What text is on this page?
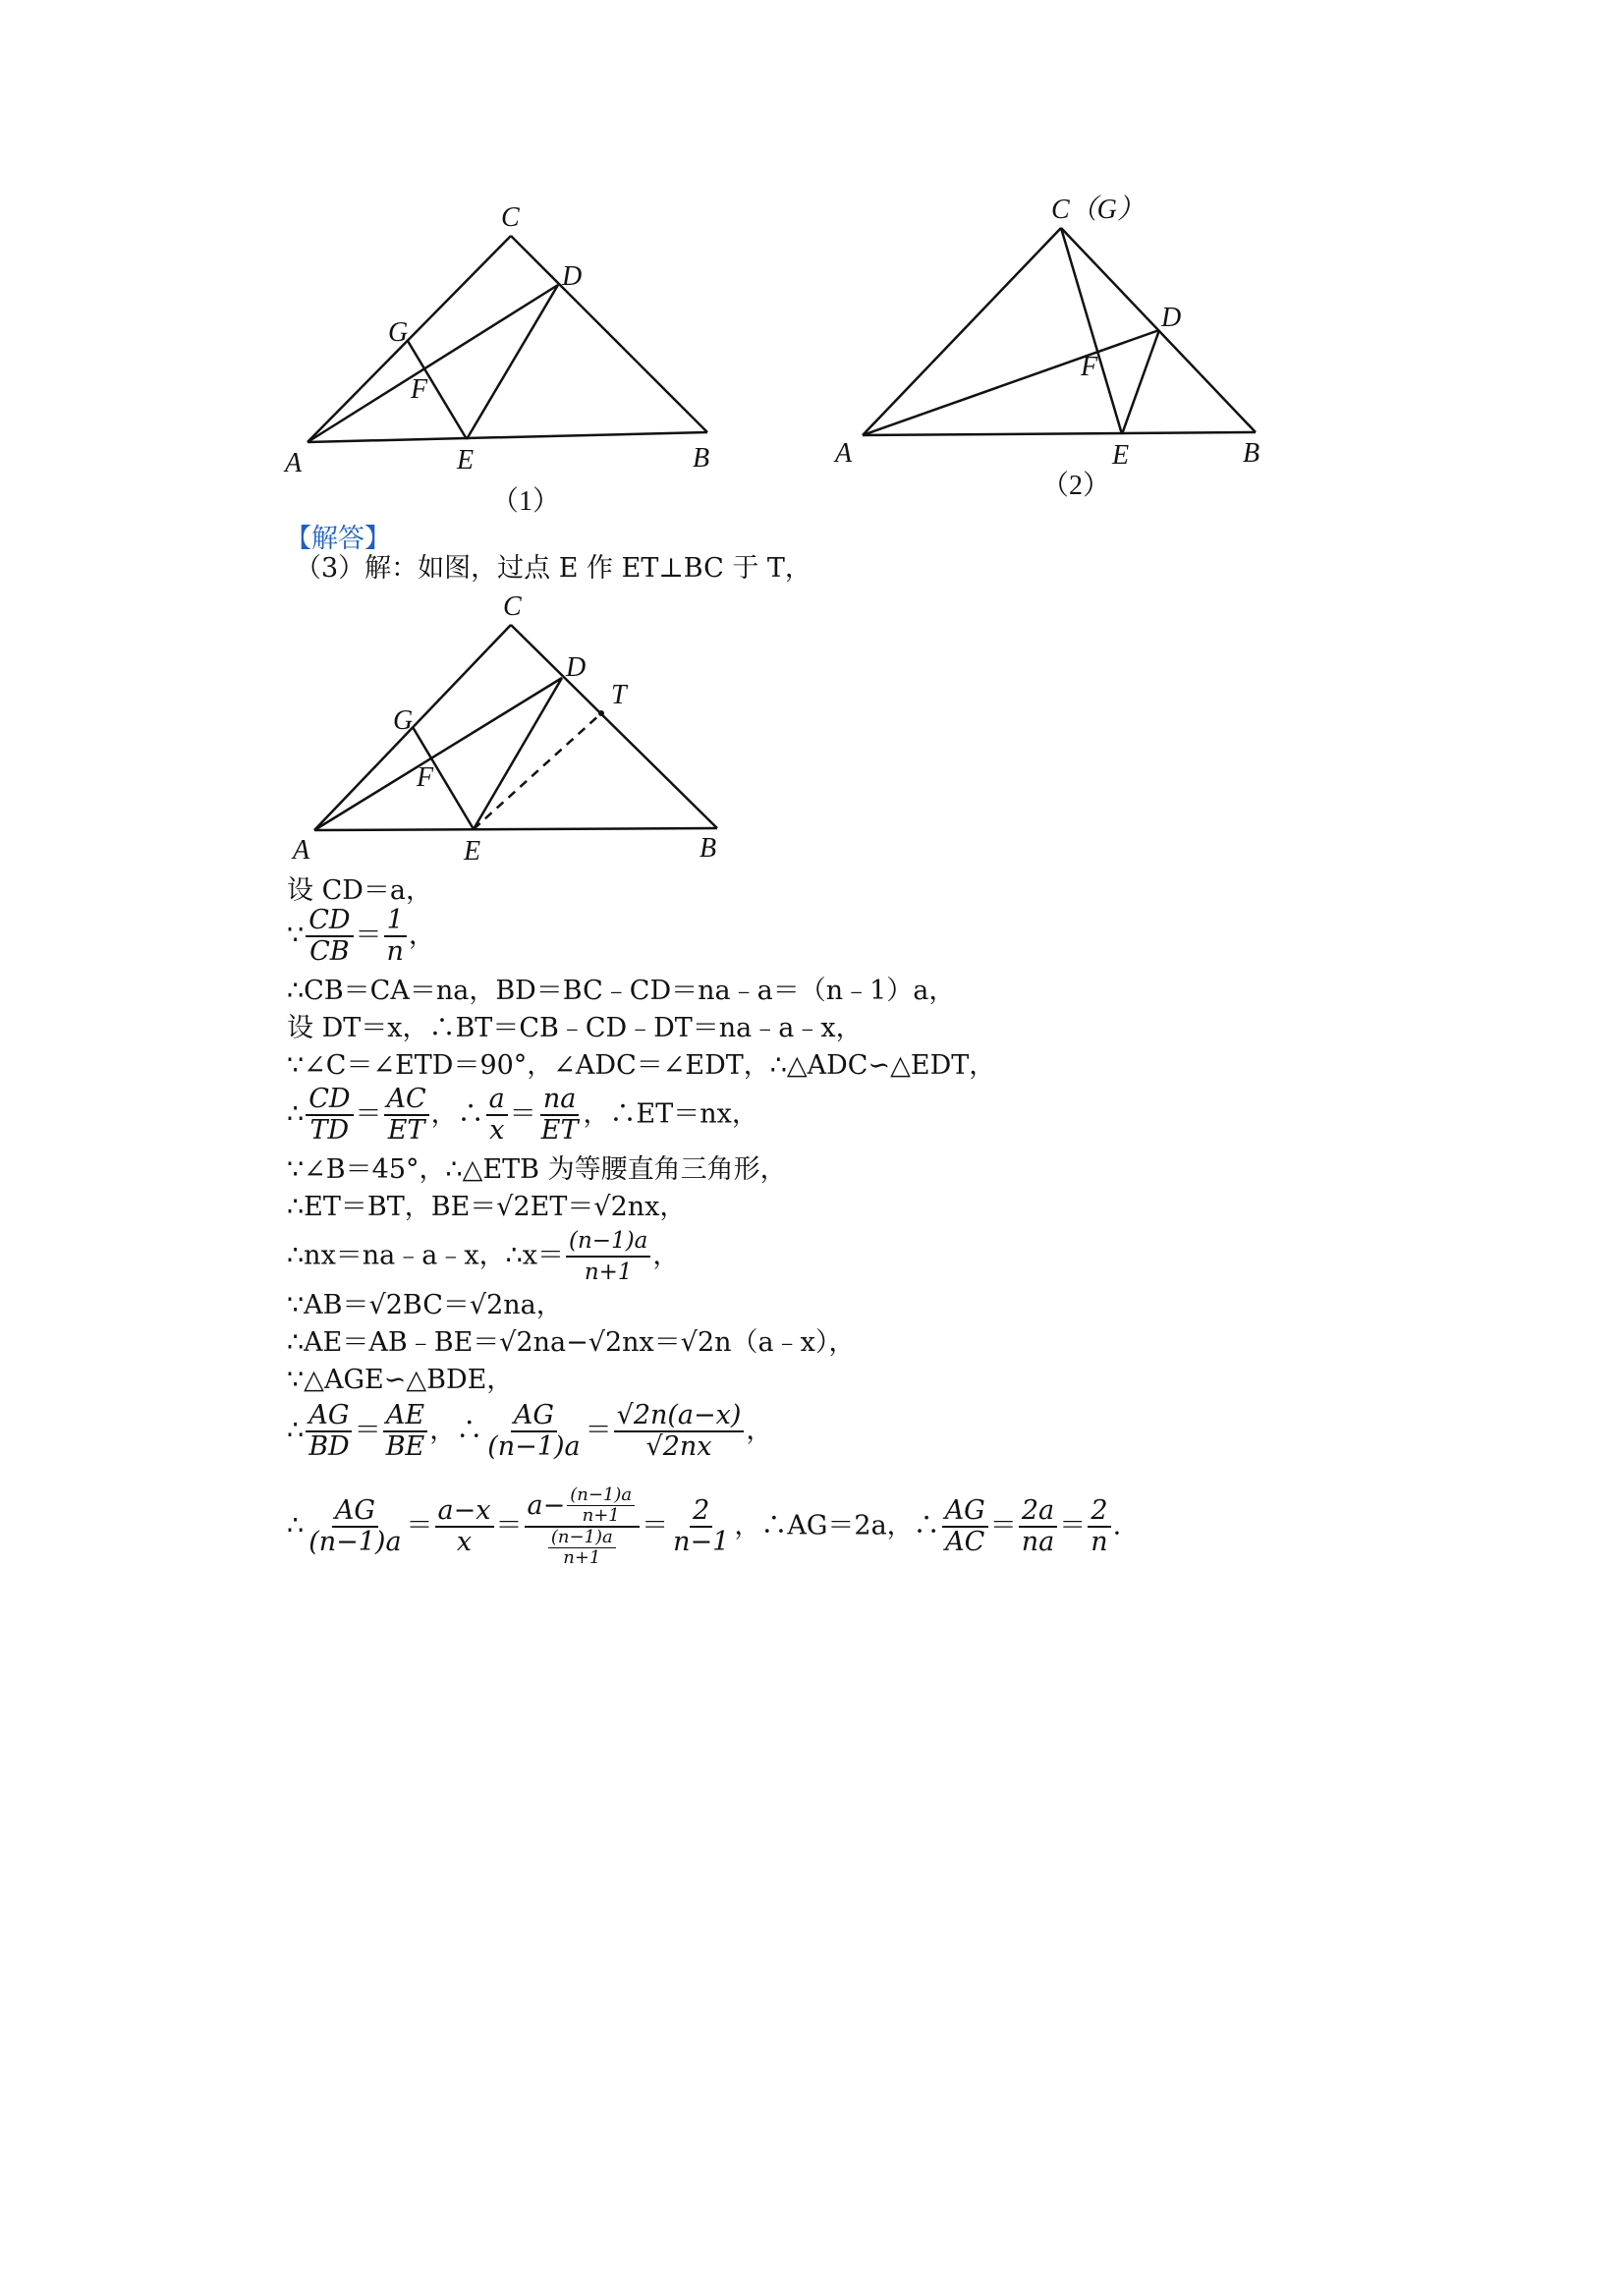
A	B
C
D
E
F
G
（1）
A	B
C（G）
D
E
F
（2）
【解答】
（3）解：如图，过点 E 作 ET⊥BC 于 T，
A	B
C
D
E
F
G
T
设 CD＝a，
∵ $\frac{CD}{CB} = \frac{1}{n}$ ，
∴CB＝CA＝na，BD＝BC﹣CD＝na﹣a＝（n﹣1）a，
设 DT＝x，∴BT＝CB﹣CD﹣DT＝na﹣a﹣x，
∵∠C＝∠ETD＝90°，∠ADC＝∠EDT，∴△ADC∽△EDT，
∴ $\frac{CD}{TD} = \frac{AC}{ET}$ ，∴ $\frac{a}{x} = \frac{na}{ET}$ ，∴ET＝nx，
∵∠B＝45°，∴△ETB 为等腰直角三角形，
∴ET＝BT，BE＝√2ET＝√2nx，
∴nx＝na﹣a﹣x，∴x＝ $\frac{(n-1)a}{n+1}$ ，
∵AB＝√2BC＝√2na，
∴AE＝AB﹣BE＝√2na−√2nx＝√2n（a﹣x），
∵△AGE∽△BDE，
∴ $\frac{AG}{BD} = \frac{AE}{BE}$ ，∴ $\frac{AG}{(n-1)a} = \frac{√2n(a-x)}{√2nx}$ ，
∴ $\frac{AG}{(n-1)a} = \frac{a-x}{x} = \frac{a- \frac{(n-1)a}{n+1}}{\frac{(n-1)a}{n+1}} = \frac{2}{n-1}$ ，∴AG＝2a，∴ $\frac{AG}{AC} = \frac{2a}{na} = \frac{2}{n}$ .
